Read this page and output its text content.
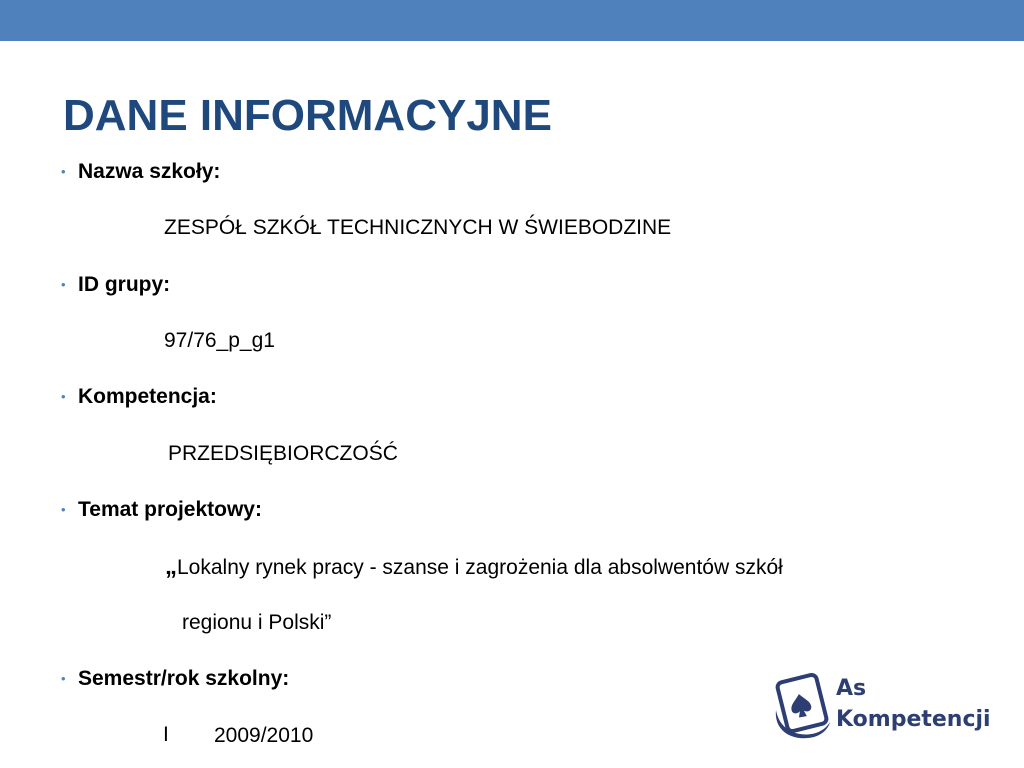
DANE INFORMACYJNE
• Nazwa szkoły:

ZESPÓŁ SZKÓŁ TECHNICZNYCH W ŚWIEBODZINE

• ID grupy:

97/76_p_g1

• Kompetencja:

PRZEDSIĘBIORCZOŚĆ

• Temat projektowy:

„Lokalny rynek pracy - szanse i zagrożenia dla absolwentów szkół

regionu i Polski”

• Semestr/rok szkolny:

I 2009/2010

As
Kompetencji
